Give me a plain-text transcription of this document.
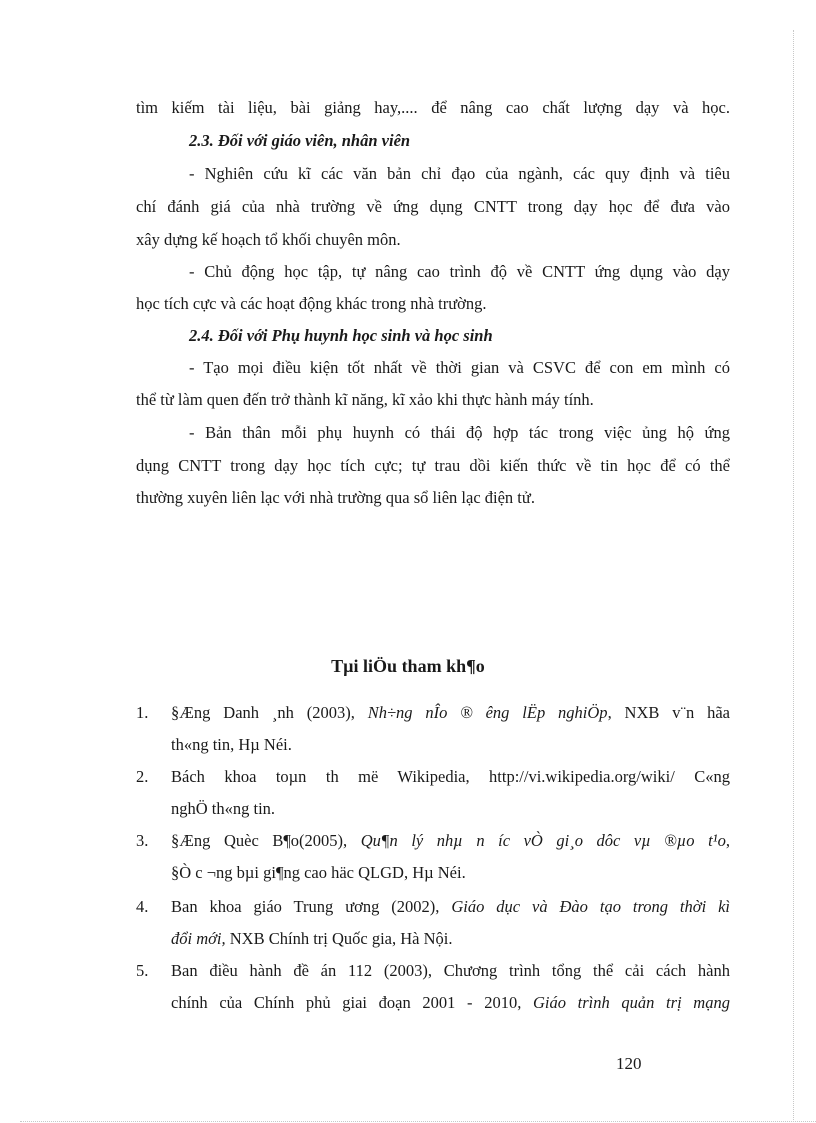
tìm kiếm tài liệu, bài giảng hay,.... để nâng cao chất lượng dạy và học.
2.3. Đối với giáo viên, nhân viên
- Nghiên cứu kĩ các văn bản chỉ đạo của ngành, các quy định và tiêu
chí đánh giá của nhà trường về ứng dụng CNTT trong dạy học để đưa vào
xây dựng kế hoạch tổ khối chuyên môn.
- Chủ động học tập, tự nâng cao trình độ về CNTT ứng dụng vào dạy
học tích cực và các hoạt động khác trong nhà trường.
2.4. Đối với Phụ huynh học sinh và học sinh
- Tạo mọi điều kiện tốt nhất về thời gian và CSVC để con em mình có
thể từ làm quen đến trở thành kĩ năng, kĩ xảo khi thực hành máy tính.
- Bản thân mỗi phụ huynh có thái độ hợp tác trong việc ủng hộ ứng
dụng CNTT trong dạy học tích cực; tự trau dồi kiến thức về tin học để có thể
thường xuyên liên lạc với nhà trường qua sổ liên lạc điện tử.
Tµi liÖu tham kh¶o
1. §Æng Danh ¸nh (2003), Nh÷ng nÎo ® êng lËp nghiÖp, NXB v¨n hãa
th«ng tin, Hµ Néi.
2. Bách khoa toµn th më Wikipedia, http://vi.wikipedia.org/wiki/ C«ng
nghÖ th«ng tin.
3. §Æng Quèc B¶o(2005), Qu¶n lý nhµ n íc vÒ gi¸o dôc vµ ®µo t¹o,
§Ò c ¬ng bµi gi¶ng cao häc QLGD, Hµ Néi.
4. Ban khoa giáo Trung ương (2002), Giáo dục và Đào tạo trong thời kì
đổi mới, NXB Chính trị Quốc gia, Hà Nội.
5. Ban điều hành đề án 112 (2003), Chương trình tổng thể cải cách hành
chính của Chính phủ giai đoạn 2001 - 2010, Giáo trình quản trị mạng
120
